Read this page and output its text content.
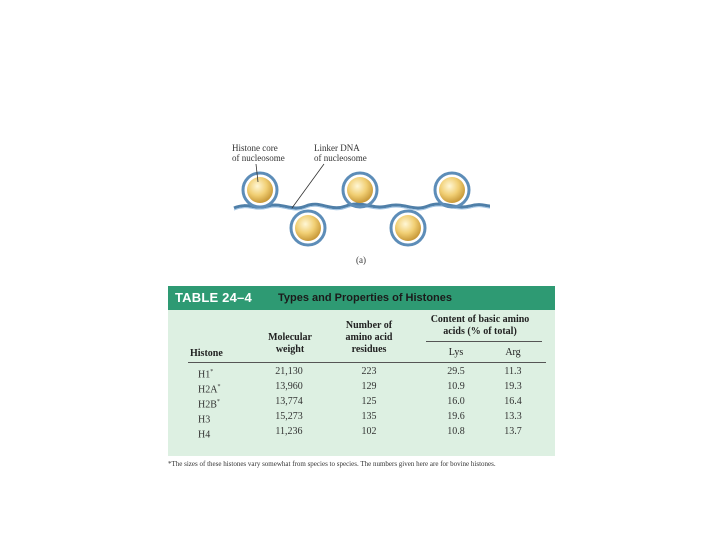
Histone core
of nucleosome
Linker DNA
of nucleosome
(a)
TABLE 24–4 Types and Properties of Histones
Histone
Molecular
weight
Number of
amino acid
residues
Content of basic amino
acids (% of total)
Lys	Arg
H1*	21,130	223	29.5	11.3
H2A*	13,960	129	10.9	19.3
H2B*	13,774	125	16.0	16.4
H3	15,273	135	19.6	13.3
H4	11,236	102	10.8	13.7
*The sizes of these histones vary somewhat from species to species. The numbers given here are for bovine histones.
